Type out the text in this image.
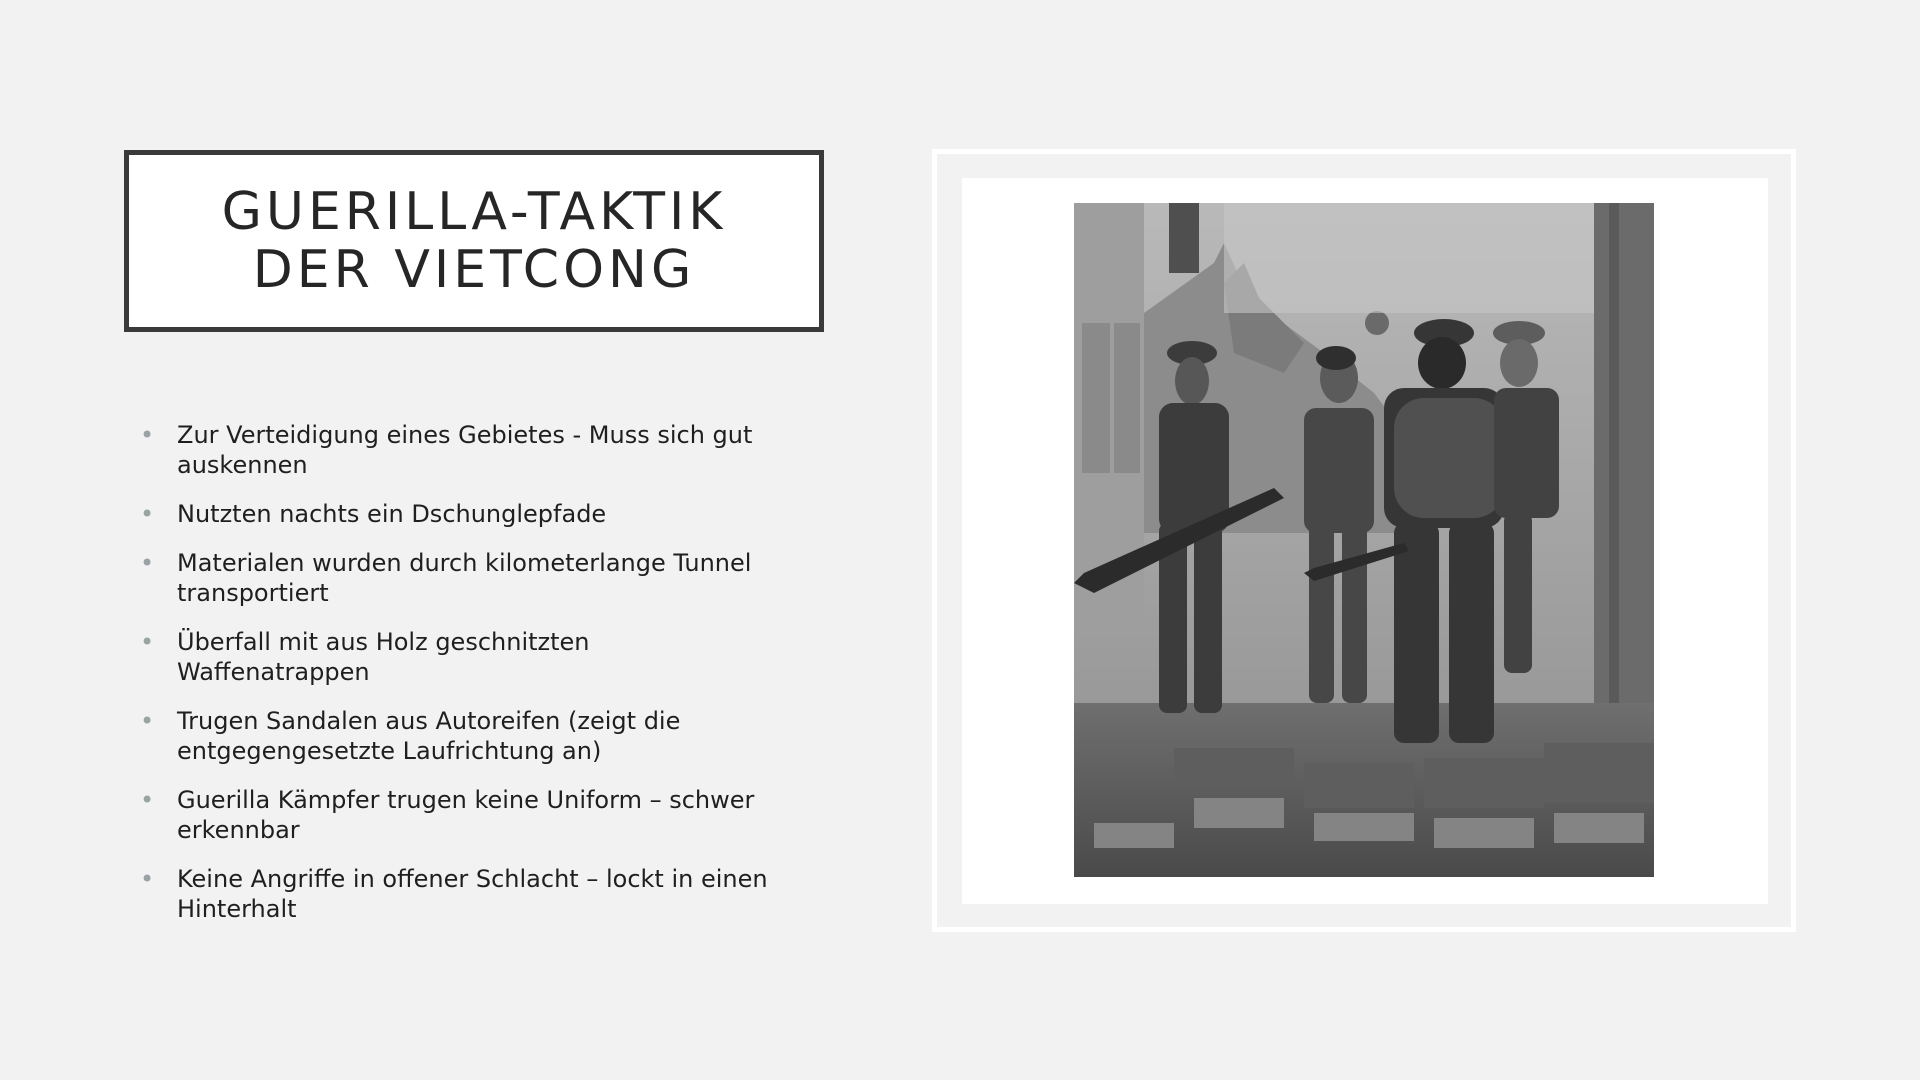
GUERILLA-TAKTIK
DER VIETCONG
• Zur Verteidigung eines Gebietes - Muss sich gut
auskennen
• Nutzten nachts ein Dschunglepfade
• Materialen wurden durch kilometerlange Tunnel
transportiert
• Überfall mit aus Holz geschnitzten Waffenatrappen
• Trugen Sandalen aus Autoreifen (zeigt die
entgegengesetzte Laufrichtung an)
• Guerilla Kämpfer trugen keine Uniform – schwer
erkennbar
• Keine Angriffe in offener Schlacht – lockt in einen
Hinterhalt
